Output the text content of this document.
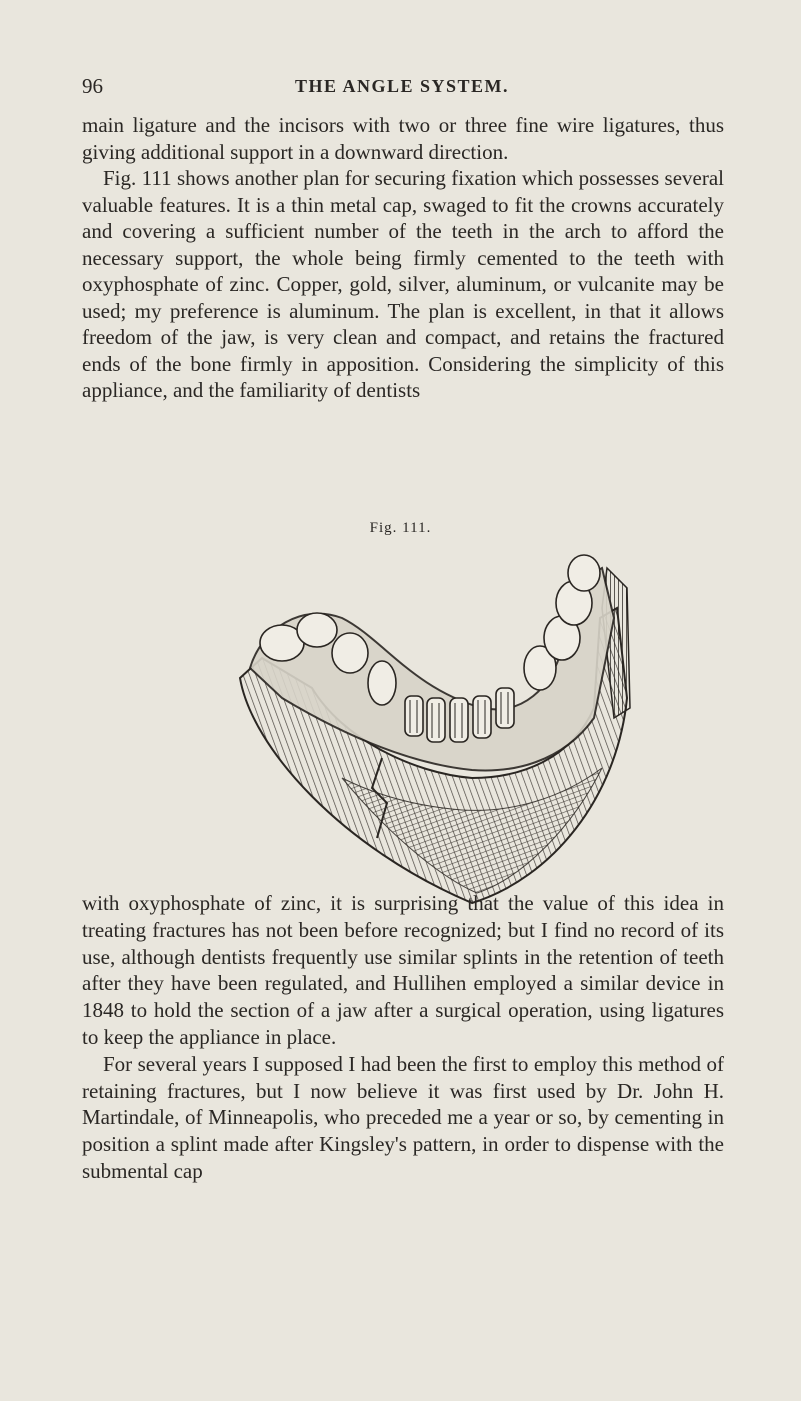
96	THE ANGLE SYSTEM.

main ligature and the incisors with two or three fine wire ligatures, thus giving additional support in a downward direction.

Fig. 111 shows another plan for securing fixation which possesses several valuable features. It is a thin metal cap, swaged to fit the crowns accurately and covering a sufficient number of the teeth in the arch to afford the necessary support, the whole being firmly cemented to the teeth with oxyphosphate of zinc. Copper, gold, silver, aluminum, or vulcanite may be used; my preference is aluminum. The plan is excellent, in that it allows freedom of the jaw, is very clean and compact, and retains the fractured ends of the bone firmly in apposition. Considering the simplicity of this appliance, and the familiarity of dentists

Fig. 111.

with oxyphosphate of zinc, it is surprising that the value of this idea in treating fractures has not been before recognized; but I find no record of its use, although dentists frequently use similar splints in the retention of teeth after they have been regulated, and Hullihen employed a similar device in 1848 to hold the section of a jaw after a surgical operation, using ligatures to keep the appliance in place.

For several years I supposed I had been the first to employ this method of retaining fractures, but I now believe it was first used by Dr. John H. Martindale, of Minneapolis, who preceded me a year or so, by cementing in position a splint made after Kingsley's pattern, in order to dispense with the submental cap
